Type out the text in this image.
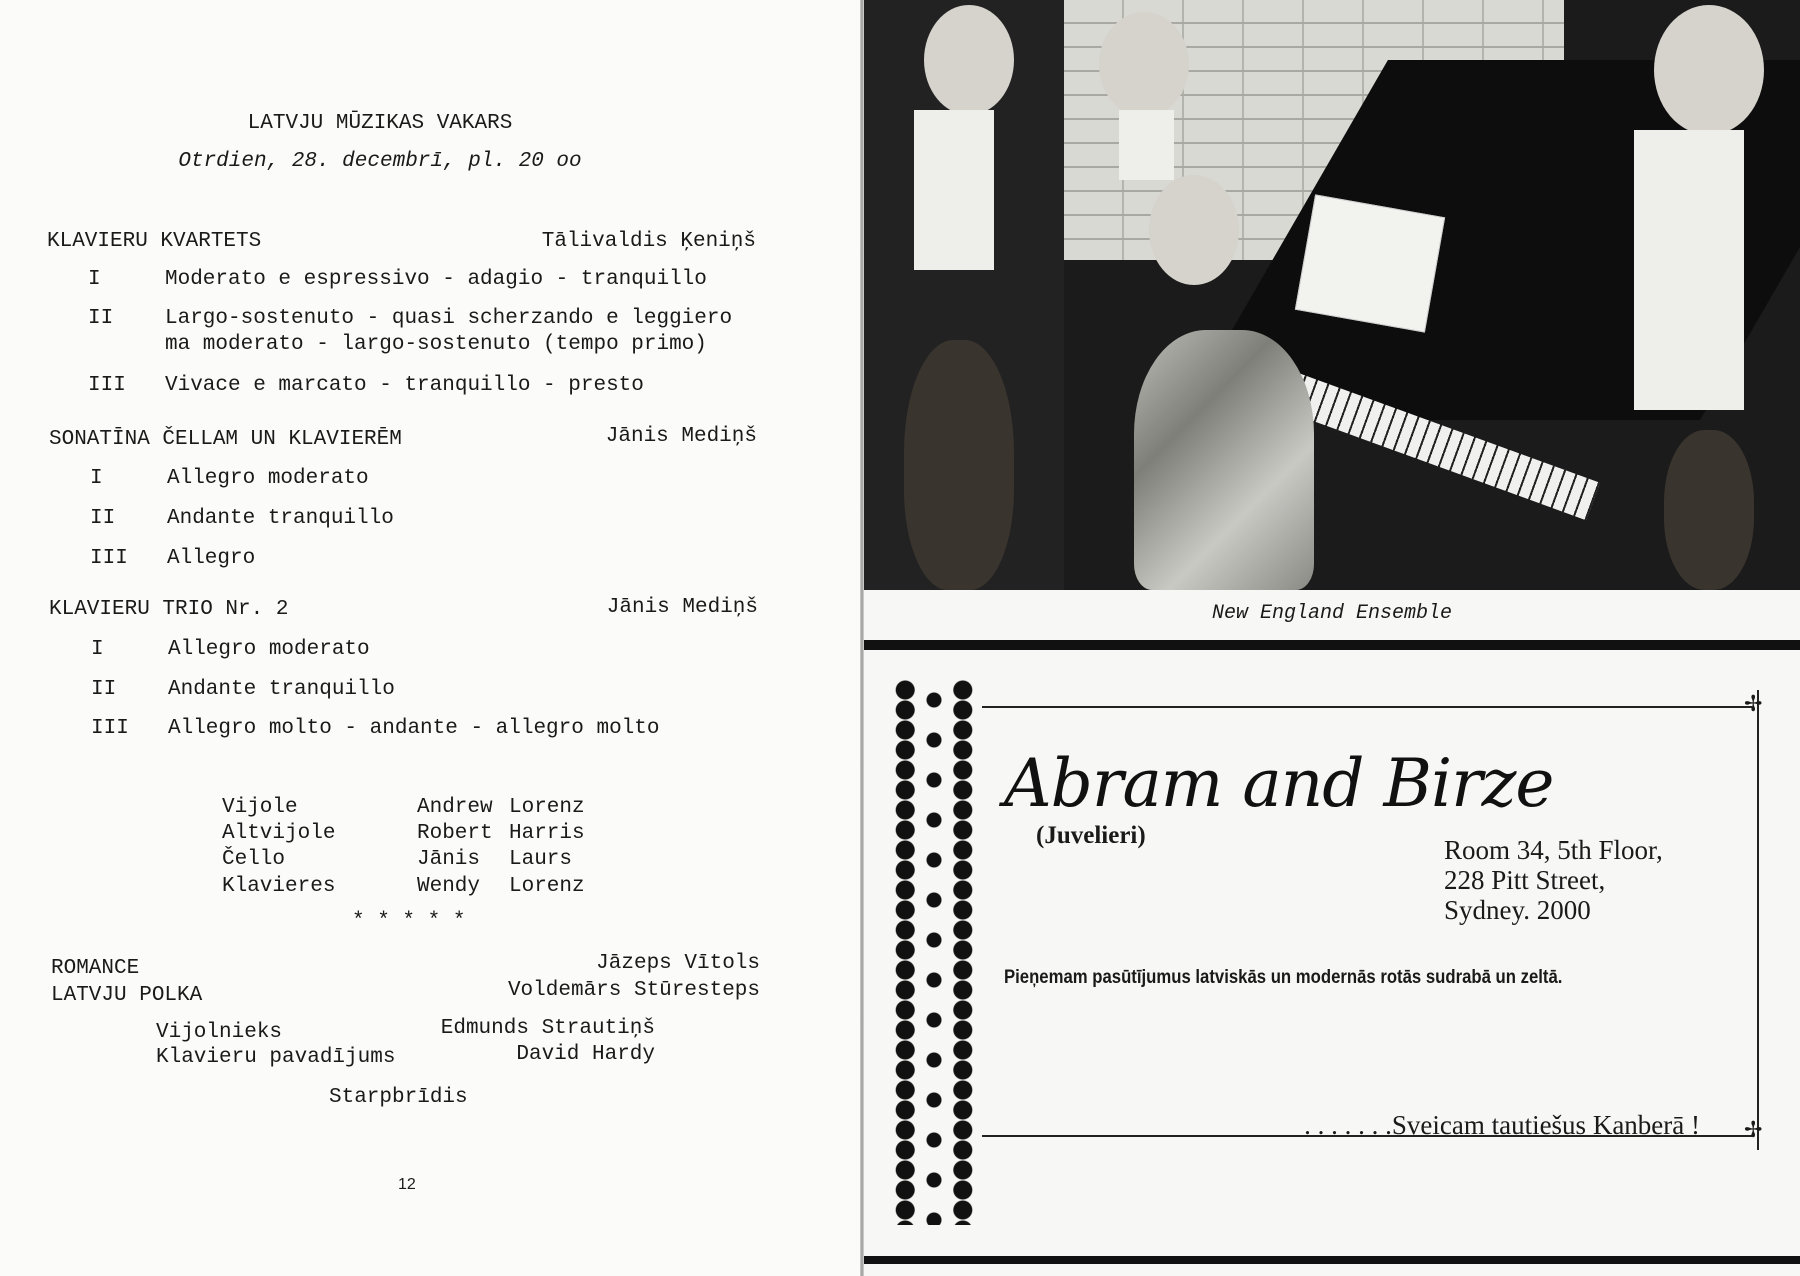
LATVJU MŪZIKAS VAKARS
Otrdien, 28. decembrī, pl. 20 oo
KLAVIERU KVARTETS	Tālivaldis Ķeniņš
I	Moderato e espressivo - adagio - tranquillo
II Largo-sostenuto - quasi scherzando e leggiero
ma moderato - largo-sostenuto (tempo primo)
III Vivace e marcato - tranquillo - presto
SONATĪNA ČELLAM UN KLAVIERĒM	Jānis Mediņš
I	Allegro moderato
II Andante tranquillo
III Allegro
KLAVIERU TRIO Nr. 2	Jānis Mediņš
I	Allegro moderato
II Andante tranquillo
III Allegro molto - andante - allegro molto
Vijole	Andrew Lorenz
Altvijole	Robert Harris
Čello	Jānis Laurs
Klavieres	Wendy Lorenz
* * * * *
ROMANCE	Jāzeps Vītols
LATVJU POLKA	Voldemārs Stūresteps
Vijolnieks	Edmunds Strautiņš
Klavieru pavadījums	David Hardy
Starpbrīdis
12
New England Ensemble
✢
✢
Abram and Birze
(Juvelieri)	Room 34, 5th Floor,
228 Pitt Street,
Sydney. 2000
Pieņemam pasūtījumus latviskās un modernās rotās sudrabā un zeltā.
. . . . . . .Sveicam tautiešus Kanberā !
